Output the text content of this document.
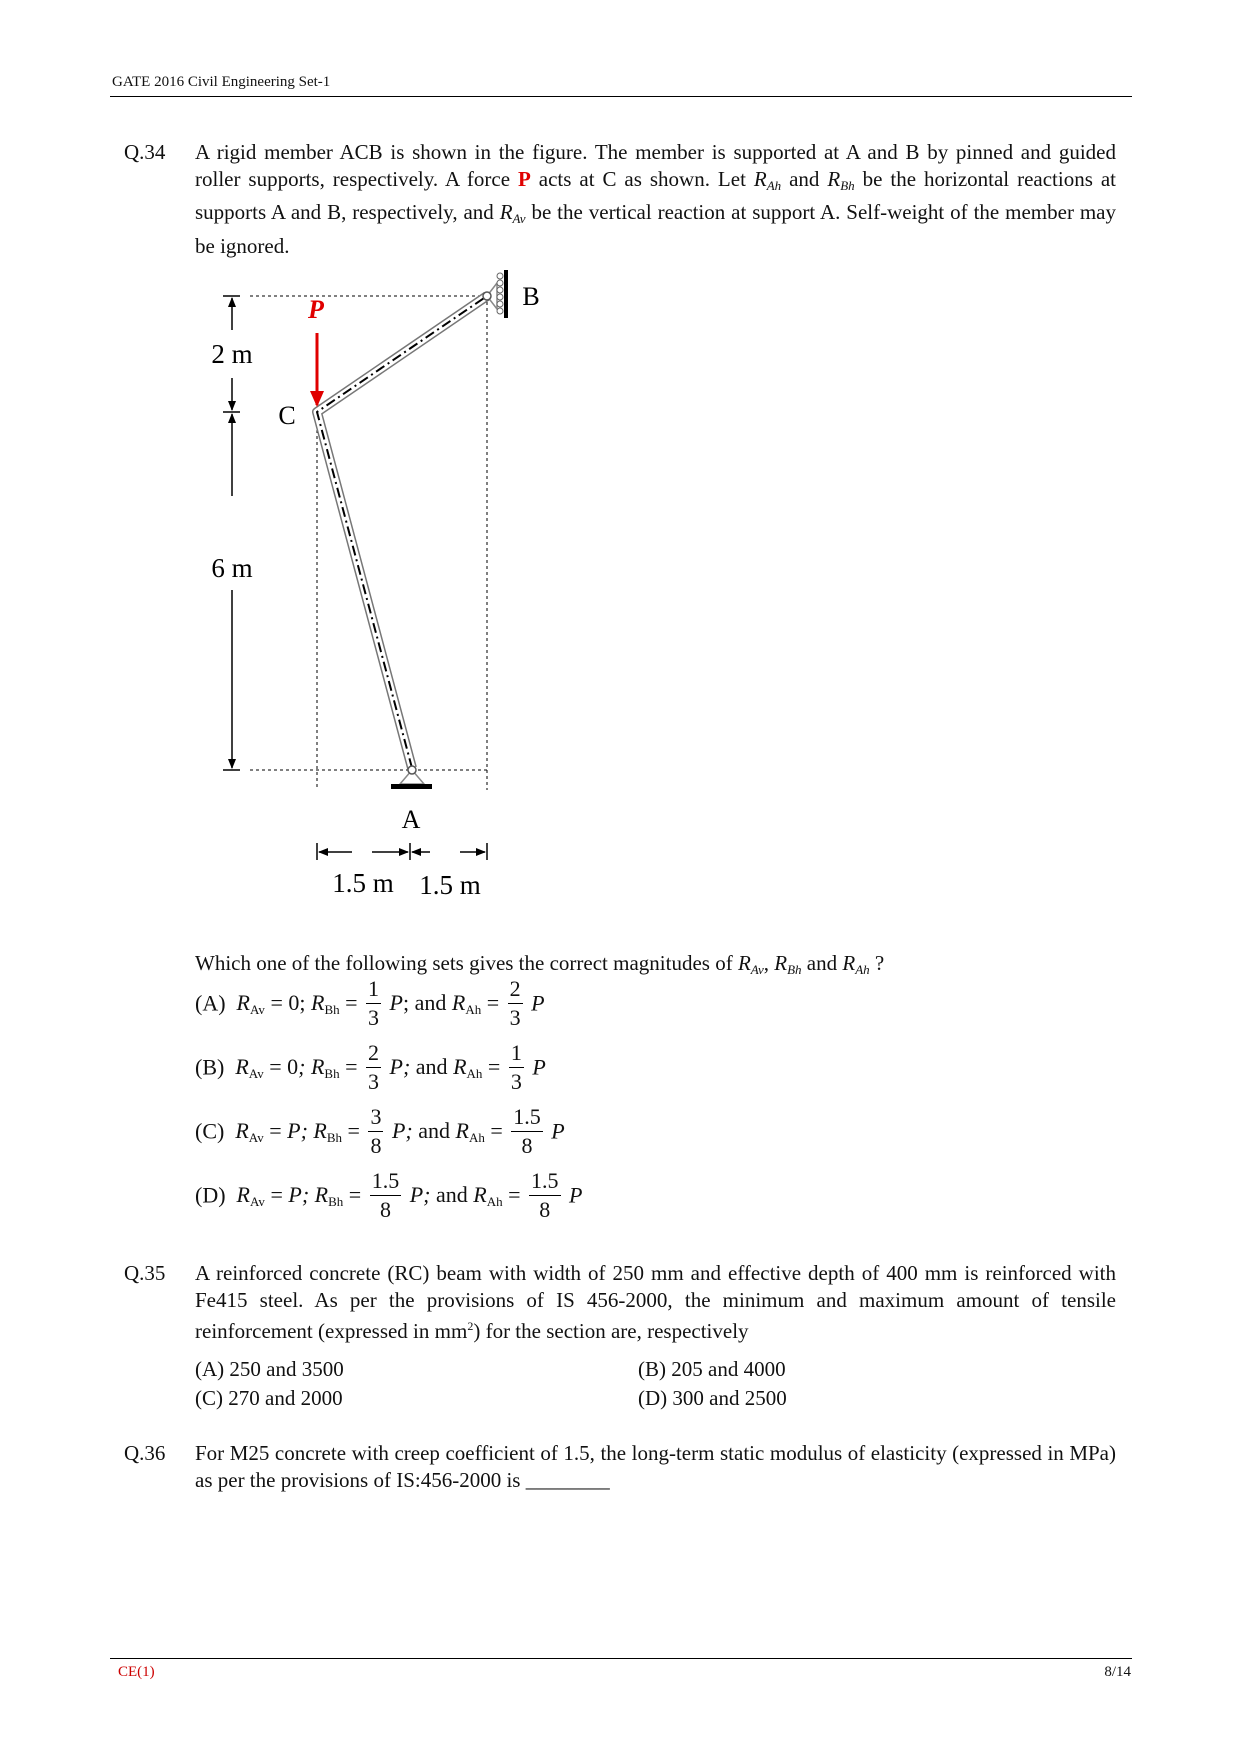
GATE 2016 Civil Engineering Set-1
Q.34 A rigid member ACB is shown in the figure. The member is supported at A and B by pinned and guided roller supports, respectively. A force P acts at C as shown. Let $R_{Ah}$ and $R_{Bh}$ be the horizontal reactions at supports A and B, respectively, and $R_{Av}$ be the vertical reaction at support A. Self-weight of the member may be ignored.
P	B
C
A
2 m
6 m
1.5 m 1.5 m
Which one of the following sets gives the correct magnitudes of $R_{Av}$, $R_{Bh}$ and $R_{Ah}$ ?
(A) $R_{Av} = 0$; $R_{Bh} = \frac{1}{3} P$; and $R_{Ah} = \frac{2}{3}$ P
(B) $R_{Av} = 0$; $R_{Bh} = \frac{2}{3} P$; and $R_{Ah} = \frac{1}{3}$ P
(C) $R_{Av} = P$; $R_{Bh} = \frac{3}{8} P$; and $R_{Ah} = \frac{1.5}{8}$ P
(D) $R_{Av} = P$; $R_{Bh} = \frac{1.5}{8} P$; and $R_{Ah} = \frac{1.5}{8}$ P
Q.35 A reinforced concrete (RC) beam with width of 250 mm and effective depth of 400 mm is reinforced with Fe415 steel. As per the provisions of IS 456-2000, the minimum and maximum amount of tensile reinforcement (expressed in $mm^2$) for the section are, respectively
(A) 250 and 3500	(B) 205 and 4000
(C) 270 and 2000	(D) 300 and 2500
Q.36 For M25 concrete with creep coefficient of 1.5, the long-term static modulus of elasticity (expressed in MPa) as per the provisions of IS:456-2000 is ________
CE(1)	8/14
